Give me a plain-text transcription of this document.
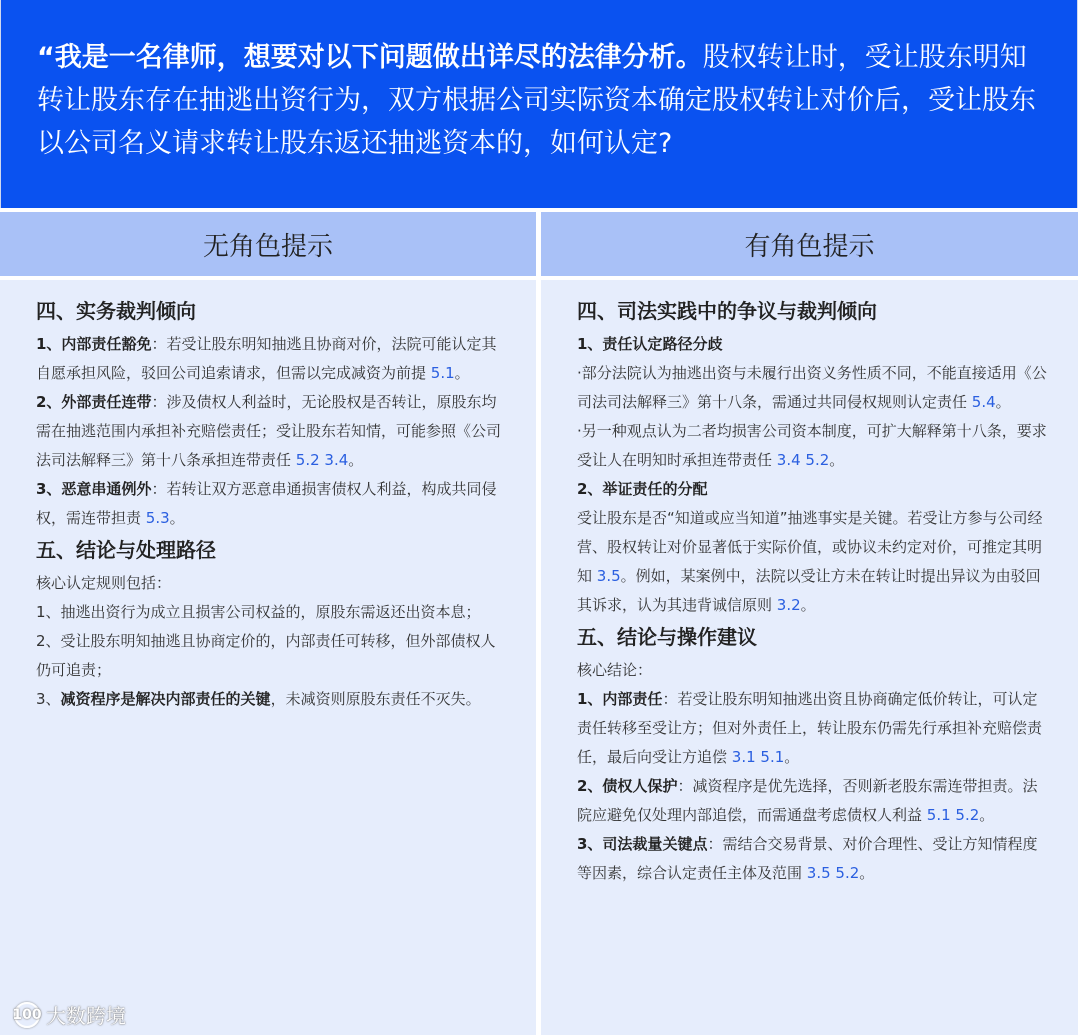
“我是一名律师，想要对以下问题做出详尽的法律分析。股权转让时，受让股东明知转让股东存在抽逃出资行为，双方根据公司实际资本确定股权转让对价后，受让股东以公司名义请求转让股东返还抽逃资本的，如何认定?
无角色提示	有角色提示
四、实务裁判倾向

1、内部责任豁免：若受让股东明知抽逃且协商对价，法院可能认定其自愿承担风险，驳回公司追索请求，但需以完成减资为前提 5.1。

2、外部责任连带：涉及债权人利益时，无论股权是否转让，原股东均需在抽逃范围内承担补充赔偿责任；受让股东若知情，可能参照《公司法司法解释三》第十八条承担连带责任 5.2 3.4。

3、恶意串通例外：若转让双方恶意串通损害债权人利益，构成共同侵权，需连带担责 5.3。

五、结论与处理路径

核心认定规则包括：

1、抽逃出资行为成立且损害公司权益的，原股东需返还出资本息；

2、受让股东明知抽逃且协商定价的，内部责任可转移，但外部债权人仍可追责；

3、减资程序是解决内部责任的关键，未减资则原股东责任不灭失。

四、司法实践中的争议与裁判倾向

1、责任认定路径分歧

·部分法院认为抽逃出资与未履行出资义务性质不同，不能直接适用《公司法司法解释三》第十八条，需通过共同侵权规则认定责任 5.4。

·另一种观点认为二者均损害公司资本制度，可扩大解释第十八条，要求受让人在明知时承担连带责任 3.4 5.2。

2、举证责任的分配

受让股东是否“知道或应当知道”抽逃事实是关键。若受让方参与公司经营、股权转让对价显著低于实际价值，或协议未约定对价，可推定其明知 3.5。例如，某案例中，法院以受让方未在转让时提出异议为由驳回其诉求，认为其违背诚信原则 3.2。

五、结论与操作建议

核心结论：

1、内部责任：若受让股东明知抽逃出资且协商确定低价转让，可认定责任转移至受让方；但对外责任上，转让股东仍需先行承担补充赔偿责任，最后向受让方追偿 3.1 5.1。

2、债权人保护：减资程序是优先选择，否则新老股东需连带担责。法院应避免仅处理内部追偿，而需通盘考虑债权人利益 5.1 5.2。

3、司法裁量关键点：需结合交易背景、对价合理性、受让方知情程度等因素，综合认定责任主体及范围 3.5 5.2。

100 大数跨境
